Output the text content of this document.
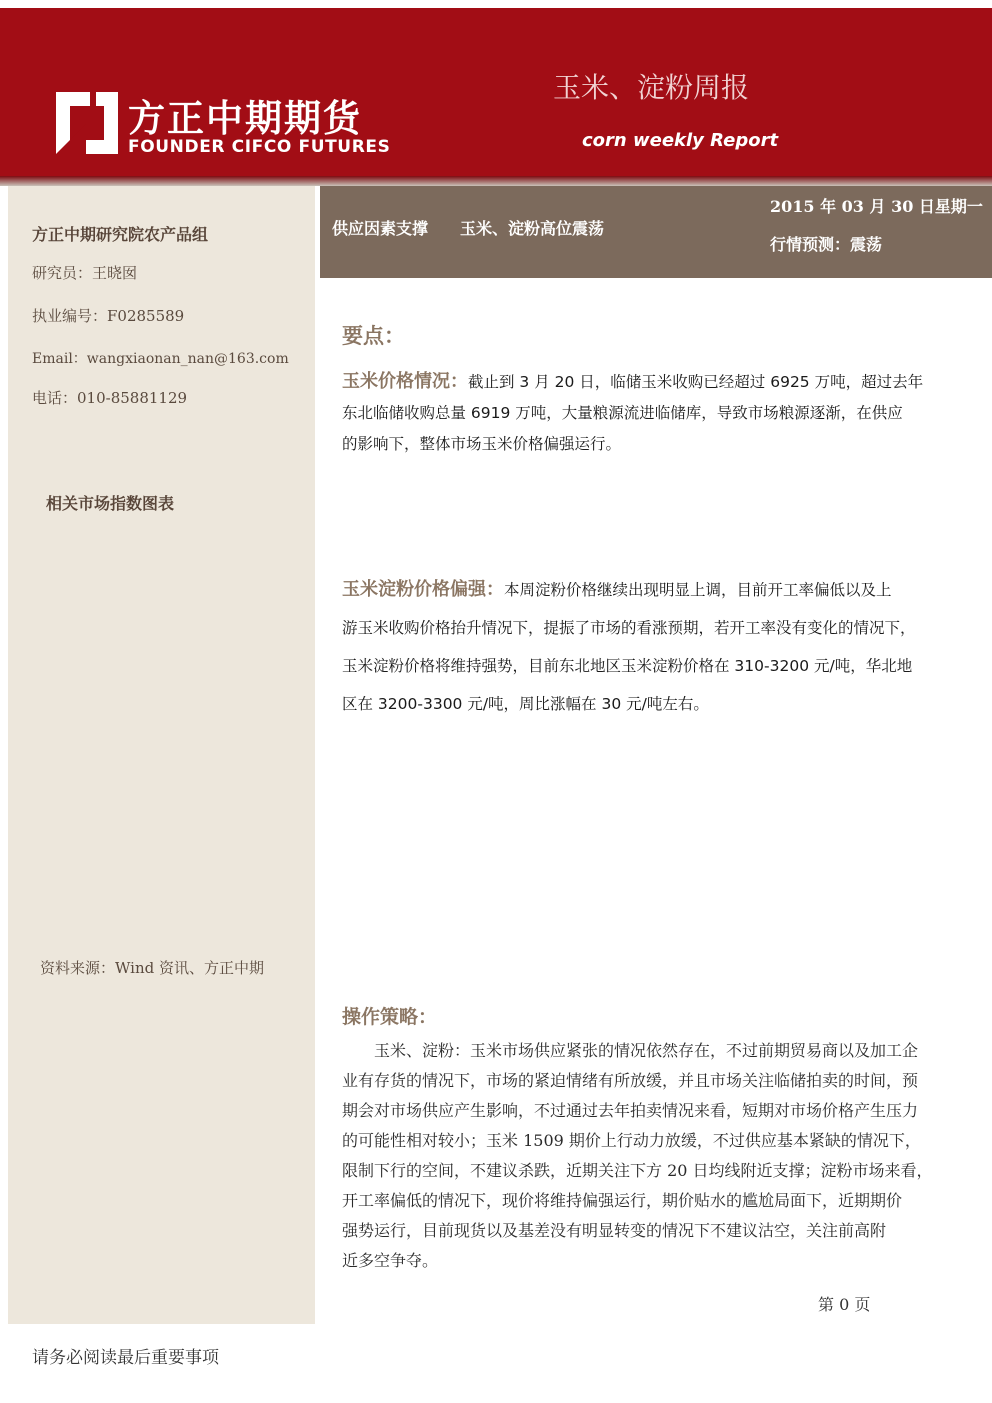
方正中期期货
FOUNDER CIFCO FUTURES
玉米、淀粉周报
corn weekly Report
方正中期研究院农产品组
研究员：王晓囡
执业编号：F0285589
Email：wangxiaonan_nan@163.com
电话：010-85881129
相关市场指数图表
资料来源：Wind 资讯、方正中期
供应因素支撑　　玉米、淀粉高位震荡
2015 年 03 月 30 日星期一
行情预测：震荡
要点：
玉米价格情况：截止到 3 月 20 日，临储玉米收购已经超过 6925 万吨，超过去年
东北临储收购总量 6919 万吨，大量粮源流进临储库，导致市场粮源逐渐，在供应
的影响下，整体市场玉米价格偏强运行。
玉米淀粉价格偏强：本周淀粉价格继续出现明显上调，目前开工率偏低以及上
游玉米收购价格抬升情况下，提振了市场的看涨预期，若开工率没有变化的情况下，
玉米淀粉价格将维持强势，目前东北地区玉米淀粉价格在 310-3200 元/吨，华北地
区在 3200-3300 元/吨，周比涨幅在 30 元/吨左右。
操作策略：
　　玉米、淀粉：玉米市场供应紧张的情况依然存在，不过前期贸易商以及加工企
业有存货的情况下，市场的紧迫情绪有所放缓，并且市场关注临储拍卖的时间，预
期会对市场供应产生影响，不过通过去年拍卖情况来看，短期对市场价格产生压力
的可能性相对较小；玉米 1509 期价上行动力放缓，不过供应基本紧缺的情况下，
限制下行的空间，不建议杀跌，近期关注下方 20 日均线附近支撑；淀粉市场来看，
开工率偏低的情况下，现价将维持偏强运行，期价贴水的尴尬局面下，近期期价
强势运行，目前现货以及基差没有明显转变的情况下不建议沽空，关注前高附
近多空争夺。
第 0 页
请务必阅读最后重要事项
